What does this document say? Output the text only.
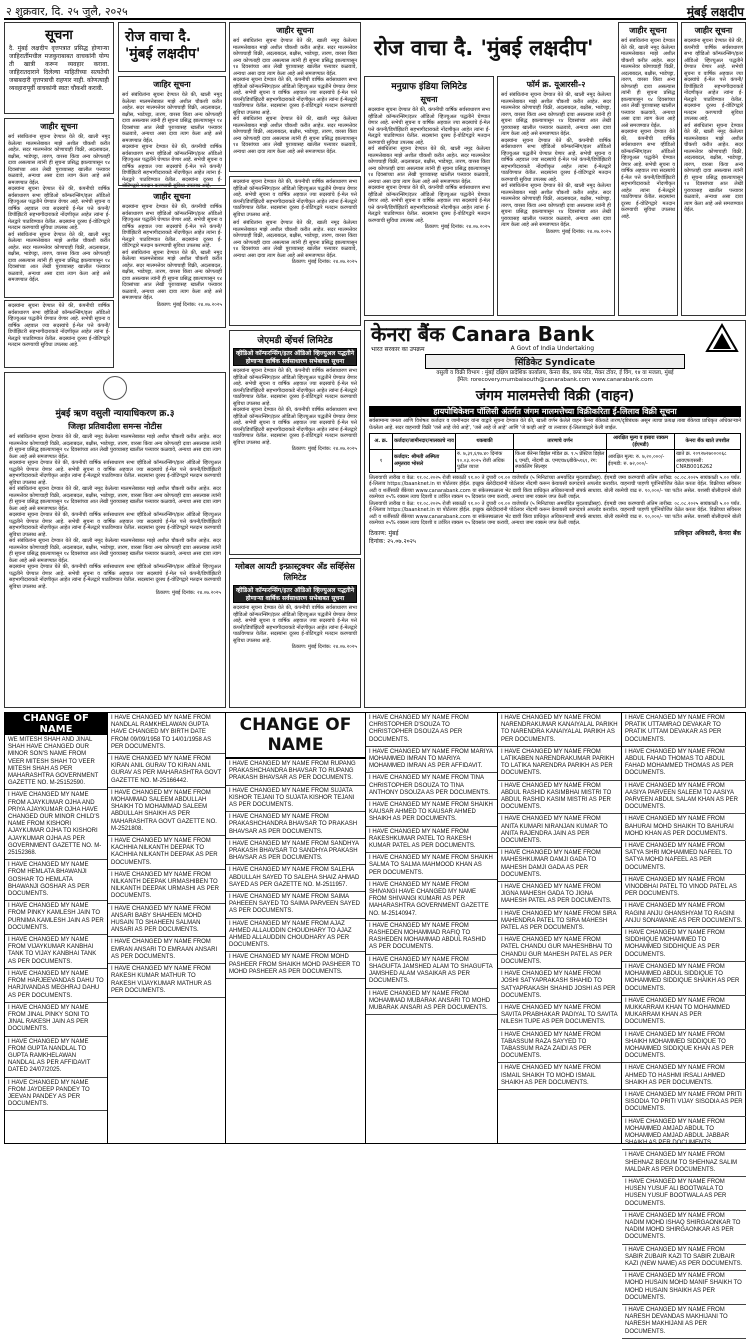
२ शुक्रवार, दि. २५ जुलै, २०२५	मुंबई लक्षदीप
सूचना
दै. मुंबई लक्षदीप वृत्तपत्रात प्रसिद्ध होणाऱ्या जाहिरातींमधील मजकुराबाबत वाचकांनी योग्य ती खात्री करून व्यवहार करावा. जाहिरातदाराने दिलेल्या माहितीच्या सत्यतेची जबाबदारी वृत्तपत्राची राहणार नाही. कोणत्याही व्यवहारापूर्वी वाचकांनी स्वतः चौकशी करावी.
जाहीर सूचना
सर्व संबंधितांना सूचना देण्यात येते की, खाली नमूद केलेल्या मालमत्तेबाबत माझे अशील चौकशी करीत आहेत. सदर मालमत्तेवर कोणाचाही विक्री, अदलाबदल, बक्षीस, भाडेपट्टा, तारण, वारसा किंवा अन्य कोणताही दावा असल्यास त्यांनी ही सूचना प्रसिद्ध झाल्यापासून १४ दिवसांच्या आत लेखी पुराव्यासह खालील पत्त्यावर कळवावे, अन्यथा असा दावा त्याग केला आहे असे समजण्यात येईल.
सदस्यांना सूचना देण्यात येते की, कंपनीची वार्षिक सर्वसाधारण सभा व्हीडिओ कॉन्फरन्सिंग/इतर ऑडिओ व्हिज्युअल पद्धतीने घेण्यात येणार आहे. सभेची सूचना व वार्षिक अहवाल ज्या सदस्यांचे ई-मेल पत्ते कंपनी/डिपॉझिटरी सहभागीदाराकडे नोंदणीकृत आहेत त्यांना ई-मेलद्वारे पाठविण्यात येतील. सदस्यांना दूरस्थ ई-वोटिंगद्वारे मतदान करण्याची सुविधा उपलब्ध आहे.
सर्व संबंधितांना सूचना देण्यात येते की, खाली नमूद केलेल्या मालमत्तेबाबत माझे अशील चौकशी करीत आहेत. सदर मालमत्तेवर कोणाचाही विक्री, अदलाबदल, बक्षीस, भाडेपट्टा, तारण, वारसा किंवा अन्य कोणताही दावा असल्यास त्यांनी ही सूचना प्रसिद्ध झाल्यापासून १४ दिवसांच्या आत लेखी पुराव्यासह खालील पत्त्यावर कळवावे, अन्यथा असा दावा त्याग केला आहे असे समजण्यात येईल.
सदस्यांना सूचना देण्यात येते की, कंपनीची वार्षिक सर्वसाधारण सभा व्हीडिओ कॉन्फरन्सिंग/इतर ऑडिओ व्हिज्युअल पद्धतीने घेण्यात येणार आहे. सभेची सूचना व वार्षिक अहवाल ज्या सदस्यांचे ई-मेल पत्ते कंपनी/डिपॉझिटरी सहभागीदाराकडे नोंदणीकृत आहेत त्यांना ई-मेलद्वारे पाठविण्यात येतील. सदस्यांना दूरस्थ ई-वोटिंगद्वारे मतदान करण्याची सुविधा उपलब्ध आहे.
रोज वाचा दै. 'मुंबई लक्षदीप'
जाहिर सूचना
सर्व संबंधितांना सूचना देण्यात येते की, खाली नमूद केलेल्या मालमत्तेबाबत माझे अशील चौकशी करीत आहेत. सदर मालमत्तेवर कोणाचाही विक्री, अदलाबदल, बक्षीस, भाडेपट्टा, तारण, वारसा किंवा अन्य कोणताही दावा असल्यास त्यांनी ही सूचना प्रसिद्ध झाल्यापासून १४ दिवसांच्या आत लेखी पुराव्यासह खालील पत्त्यावर कळवावे, अन्यथा असा दावा त्याग केला आहे असे समजण्यात येईल.
सदस्यांना सूचना देण्यात येते की, कंपनीची वार्षिक सर्वसाधारण सभा व्हीडिओ कॉन्फरन्सिंग/इतर ऑडिओ व्हिज्युअल पद्धतीने घेण्यात येणार आहे. सभेची सूचना व वार्षिक अहवाल ज्या सदस्यांचे ई-मेल पत्ते कंपनी/डिपॉझिटरी सहभागीदाराकडे नोंदणीकृत आहेत त्यांना ई-मेलद्वारे पाठविण्यात येतील. सदस्यांना दूरस्थ ई-वोटिंगद्वारे मतदान करण्याची सुविधा उपलब्ध आहे.
जाहीर सूचना
सदस्यांना सूचना देण्यात येते की, कंपनीची वार्षिक सर्वसाधारण सभा व्हीडिओ कॉन्फरन्सिंग/इतर ऑडिओ व्हिज्युअल पद्धतीने घेण्यात येणार आहे. सभेची सूचना व वार्षिक अहवाल ज्या सदस्यांचे ई-मेल पत्ते कंपनी/डिपॉझिटरी सहभागीदाराकडे नोंदणीकृत आहेत त्यांना ई-मेलद्वारे पाठविण्यात येतील. सदस्यांना दूरस्थ ई-वोटिंगद्वारे मतदान करण्याची सुविधा उपलब्ध आहे.
सर्व संबंधितांना सूचना देण्यात येते की, खाली नमूद केलेल्या मालमत्तेबाबत माझे अशील चौकशी करीत आहेत. सदर मालमत्तेवर कोणाचाही विक्री, अदलाबदल, बक्षीस, भाडेपट्टा, तारण, वारसा किंवा अन्य कोणताही दावा असल्यास त्यांनी ही सूचना प्रसिद्ध झाल्यापासून १४ दिवसांच्या आत लेखी पुराव्यासह खालील पत्त्यावर कळवावे, अन्यथा असा दावा त्याग केला आहे असे समजण्यात येईल.
ठिकाण: मुंबई दिनांक: २४.०७.२०२५
जाहीर सूचना
सर्व संबंधितांना सूचना देण्यात येते की, खाली नमूद केलेल्या मालमत्तेबाबत माझे अशील चौकशी करीत आहेत. सदर मालमत्तेवर कोणाचाही विक्री, अदलाबदल, बक्षीस, भाडेपट्टा, तारण, वारसा किंवा अन्य कोणताही दावा असल्यास त्यांनी ही सूचना प्रसिद्ध झाल्यापासून १४ दिवसांच्या आत लेखी पुराव्यासह खालील पत्त्यावर कळवावे, अन्यथा असा दावा त्याग केला आहे असे समजण्यात येईल.
सदस्यांना सूचना देण्यात येते की, कंपनीची वार्षिक सर्वसाधारण सभा व्हीडिओ कॉन्फरन्सिंग/इतर ऑडिओ व्हिज्युअल पद्धतीने घेण्यात येणार आहे. सभेची सूचना व वार्षिक अहवाल ज्या सदस्यांचे ई-मेल पत्ते कंपनी/डिपॉझिटरी सहभागीदाराकडे नोंदणीकृत आहेत त्यांना ई-मेलद्वारे पाठविण्यात येतील. सदस्यांना दूरस्थ ई-वोटिंगद्वारे मतदान करण्याची सुविधा उपलब्ध आहे.
सर्व संबंधितांना सूचना देण्यात येते की, खाली नमूद केलेल्या मालमत्तेबाबत माझे अशील चौकशी करीत आहेत. सदर मालमत्तेवर कोणाचाही विक्री, अदलाबदल, बक्षीस, भाडेपट्टा, तारण, वारसा किंवा अन्य कोणताही दावा असल्यास त्यांनी ही सूचना प्रसिद्ध झाल्यापासून १४ दिवसांच्या आत लेखी पुराव्यासह खालील पत्त्यावर कळवावे, अन्यथा असा दावा त्याग केला आहे असे समजण्यात येईल.
सदस्यांना सूचना देण्यात येते की, कंपनीची वार्षिक सर्वसाधारण सभा व्हीडिओ कॉन्फरन्सिंग/इतर ऑडिओ व्हिज्युअल पद्धतीने घेण्यात येणार आहे. सभेची सूचना व वार्षिक अहवाल ज्या सदस्यांचे ई-मेल पत्ते कंपनी/डिपॉझिटरी सहभागीदाराकडे नोंदणीकृत आहेत त्यांना ई-मेलद्वारे पाठविण्यात येतील. सदस्यांना दूरस्थ ई-वोटिंगद्वारे मतदान करण्याची सुविधा उपलब्ध आहे.
सर्व संबंधितांना सूचना देण्यात येते की, खाली नमूद केलेल्या मालमत्तेबाबत माझे अशील चौकशी करीत आहेत. सदर मालमत्तेवर कोणाचाही विक्री, अदलाबदल, बक्षीस, भाडेपट्टा, तारण, वारसा किंवा अन्य कोणताही दावा असल्यास त्यांनी ही सूचना प्रसिद्ध झाल्यापासून १४ दिवसांच्या आत लेखी पुराव्यासह खालील पत्त्यावर कळवावे, अन्यथा असा दावा त्याग केला आहे असे समजण्यात येईल.
ठिकाण: मुंबई दिनांक: २४.०७.२०२५
मनुग्राफ इंडिया लिमिटेड
सूचना
सदस्यांना सूचना देण्यात येते की, कंपनीची वार्षिक सर्वसाधारण सभा व्हीडिओ कॉन्फरन्सिंग/इतर ऑडिओ व्हिज्युअल पद्धतीने घेण्यात येणार आहे. सभेची सूचना व वार्षिक अहवाल ज्या सदस्यांचे ई-मेल पत्ते कंपनी/डिपॉझिटरी सहभागीदाराकडे नोंदणीकृत आहेत त्यांना ई-मेलद्वारे पाठविण्यात येतील. सदस्यांना दूरस्थ ई-वोटिंगद्वारे मतदान करण्याची सुविधा उपलब्ध आहे.
सर्व संबंधितांना सूचना देण्यात येते की, खाली नमूद केलेल्या मालमत्तेबाबत माझे अशील चौकशी करीत आहेत. सदर मालमत्तेवर कोणाचाही विक्री, अदलाबदल, बक्षीस, भाडेपट्टा, तारण, वारसा किंवा अन्य कोणताही दावा असल्यास त्यांनी ही सूचना प्रसिद्ध झाल्यापासून १४ दिवसांच्या आत लेखी पुराव्यासह खालील पत्त्यावर कळवावे, अन्यथा असा दावा त्याग केला आहे असे समजण्यात येईल.
सदस्यांना सूचना देण्यात येते की, कंपनीची वार्षिक सर्वसाधारण सभा व्हीडिओ कॉन्फरन्सिंग/इतर ऑडिओ व्हिज्युअल पद्धतीने घेण्यात येणार आहे. सभेची सूचना व वार्षिक अहवाल ज्या सदस्यांचे ई-मेल पत्ते कंपनी/डिपॉझिटरी सहभागीदाराकडे नोंदणीकृत आहेत त्यांना ई-मेलद्वारे पाठविण्यात येतील. सदस्यांना दूरस्थ ई-वोटिंगद्वारे मतदान करण्याची सुविधा उपलब्ध आहे.
ठिकाण: मुंबई दिनांक: २४.०७.२०२५
रोज वाचा दै. 'मुंबई लक्षदीप'
फॉर्म क्र. यूआरसी-२
सर्व संबंधितांना सूचना देण्यात येते की, खाली नमूद केलेल्या मालमत्तेबाबत माझे अशील चौकशी करीत आहेत. सदर मालमत्तेवर कोणाचाही विक्री, अदलाबदल, बक्षीस, भाडेपट्टा, तारण, वारसा किंवा अन्य कोणताही दावा असल्यास त्यांनी ही सूचना प्रसिद्ध झाल्यापासून १४ दिवसांच्या आत लेखी पुराव्यासह खालील पत्त्यावर कळवावे, अन्यथा असा दावा त्याग केला आहे असे समजण्यात येईल.
सदस्यांना सूचना देण्यात येते की, कंपनीची वार्षिक सर्वसाधारण सभा व्हीडिओ कॉन्फरन्सिंग/इतर ऑडिओ व्हिज्युअल पद्धतीने घेण्यात येणार आहे. सभेची सूचना व वार्षिक अहवाल ज्या सदस्यांचे ई-मेल पत्ते कंपनी/डिपॉझिटरी सहभागीदाराकडे नोंदणीकृत आहेत त्यांना ई-मेलद्वारे पाठविण्यात येतील. सदस्यांना दूरस्थ ई-वोटिंगद्वारे मतदान करण्याची सुविधा उपलब्ध आहे.
सर्व संबंधितांना सूचना देण्यात येते की, खाली नमूद केलेल्या मालमत्तेबाबत माझे अशील चौकशी करीत आहेत. सदर मालमत्तेवर कोणाचाही विक्री, अदलाबदल, बक्षीस, भाडेपट्टा, तारण, वारसा किंवा अन्य कोणताही दावा असल्यास त्यांनी ही सूचना प्रसिद्ध झाल्यापासून १४ दिवसांच्या आत लेखी पुराव्यासह खालील पत्त्यावर कळवावे, अन्यथा असा दावा त्याग केला आहे असे समजण्यात येईल.
ठिकाण: मुंबई दिनांक: २४.०७.२०२५
जाहीर सूचना
सर्व संबंधितांना सूचना देण्यात येते की, खाली नमूद केलेल्या मालमत्तेबाबत माझे अशील चौकशी करीत आहेत. सदर मालमत्तेवर कोणाचाही विक्री, अदलाबदल, बक्षीस, भाडेपट्टा, तारण, वारसा किंवा अन्य कोणताही दावा असल्यास त्यांनी ही सूचना प्रसिद्ध झाल्यापासून १४ दिवसांच्या आत लेखी पुराव्यासह खालील पत्त्यावर कळवावे, अन्यथा असा दावा त्याग केला आहे असे समजण्यात येईल.
सदस्यांना सूचना देण्यात येते की, कंपनीची वार्षिक सर्वसाधारण सभा व्हीडिओ कॉन्फरन्सिंग/इतर ऑडिओ व्हिज्युअल पद्धतीने घेण्यात येणार आहे. सभेची सूचना व वार्षिक अहवाल ज्या सदस्यांचे ई-मेल पत्ते कंपनी/डिपॉझिटरी सहभागीदाराकडे नोंदणीकृत आहेत त्यांना ई-मेलद्वारे पाठविण्यात येतील. सदस्यांना दूरस्थ ई-वोटिंगद्वारे मतदान करण्याची सुविधा उपलब्ध आहे.
जाहीर सूचना
सदस्यांना सूचना देण्यात येते की, कंपनीची वार्षिक सर्वसाधारण सभा व्हीडिओ कॉन्फरन्सिंग/इतर ऑडिओ व्हिज्युअल पद्धतीने घेण्यात येणार आहे. सभेची सूचना व वार्षिक अहवाल ज्या सदस्यांचे ई-मेल पत्ते कंपनी/डिपॉझिटरी सहभागीदाराकडे नोंदणीकृत आहेत त्यांना ई-मेलद्वारे पाठविण्यात येतील. सदस्यांना दूरस्थ ई-वोटिंगद्वारे मतदान करण्याची सुविधा उपलब्ध आहे.
सर्व संबंधितांना सूचना देण्यात येते की, खाली नमूद केलेल्या मालमत्तेबाबत माझे अशील चौकशी करीत आहेत. सदर मालमत्तेवर कोणाचाही विक्री, अदलाबदल, बक्षीस, भाडेपट्टा, तारण, वारसा किंवा अन्य कोणताही दावा असल्यास त्यांनी ही सूचना प्रसिद्ध झाल्यापासून १४ दिवसांच्या आत लेखी पुराव्यासह खालील पत्त्यावर कळवावे, अन्यथा असा दावा त्याग केला आहे असे समजण्यात येईल.
जेएमडी व्हेंचर्स लिमिटेड
व्हीडिओ कॉन्फरन्सिंग/इतर ऑडिओ व्हिज्युअल पद्धतीने होणाऱ्या वार्षिक सर्वसाधारण सभेबाबत सूचना
सदस्यांना सूचना देण्यात येते की, कंपनीची वार्षिक सर्वसाधारण सभा व्हीडिओ कॉन्फरन्सिंग/इतर ऑडिओ व्हिज्युअल पद्धतीने घेण्यात येणार आहे. सभेची सूचना व वार्षिक अहवाल ज्या सदस्यांचे ई-मेल पत्ते कंपनी/डिपॉझिटरी सहभागीदाराकडे नोंदणीकृत आहेत त्यांना ई-मेलद्वारे पाठविण्यात येतील. सदस्यांना दूरस्थ ई-वोटिंगद्वारे मतदान करण्याची सुविधा उपलब्ध आहे.
सदस्यांना सूचना देण्यात येते की, कंपनीची वार्षिक सर्वसाधारण सभा व्हीडिओ कॉन्फरन्सिंग/इतर ऑडिओ व्हिज्युअल पद्धतीने घेण्यात येणार आहे. सभेची सूचना व वार्षिक अहवाल ज्या सदस्यांचे ई-मेल पत्ते कंपनी/डिपॉझिटरी सहभागीदाराकडे नोंदणीकृत आहेत त्यांना ई-मेलद्वारे पाठविण्यात येतील. सदस्यांना दूरस्थ ई-वोटिंगद्वारे मतदान करण्याची सुविधा उपलब्ध आहे.
ठिकाण: मुंबई दिनांक: २४.०७.२०२५
ग्लोबल आयटी इन्फ्रास्ट्रक्चर अँड सर्व्हिसेस लिमिटेड
व्हीडिओ कॉन्फरन्सिंग/इतर ऑडिओ व्हिज्युअल पद्धतीने होणाऱ्या वार्षिक सर्वसाधारण सभेबाबत सूचना
सदस्यांना सूचना देण्यात येते की, कंपनीची वार्षिक सर्वसाधारण सभा व्हीडिओ कॉन्फरन्सिंग/इतर ऑडिओ व्हिज्युअल पद्धतीने घेण्यात येणार आहे. सभेची सूचना व वार्षिक अहवाल ज्या सदस्यांचे ई-मेल पत्ते कंपनी/डिपॉझिटरी सहभागीदाराकडे नोंदणीकृत आहेत त्यांना ई-मेलद्वारे पाठविण्यात येतील. सदस्यांना दूरस्थ ई-वोटिंगद्वारे मतदान करण्याची सुविधा उपलब्ध आहे.
ठिकाण: मुंबई दिनांक: २४.०७.२०२५
मुंबई ऋण वसुली न्यायाधिकरण क्र.३
जिल्हा प्रतिवादीला समन्स नोटीस
सर्व संबंधितांना सूचना देण्यात येते की, खाली नमूद केलेल्या मालमत्तेबाबत माझे अशील चौकशी करीत आहेत. सदर मालमत्तेवर कोणाचाही विक्री, अदलाबदल, बक्षीस, भाडेपट्टा, तारण, वारसा किंवा अन्य कोणताही दावा असल्यास त्यांनी ही सूचना प्रसिद्ध झाल्यापासून १४ दिवसांच्या आत लेखी पुराव्यासह खालील पत्त्यावर कळवावे, अन्यथा असा दावा त्याग केला आहे असे समजण्यात येईल.
सदस्यांना सूचना देण्यात येते की, कंपनीची वार्षिक सर्वसाधारण सभा व्हीडिओ कॉन्फरन्सिंग/इतर ऑडिओ व्हिज्युअल पद्धतीने घेण्यात येणार आहे. सभेची सूचना व वार्षिक अहवाल ज्या सदस्यांचे ई-मेल पत्ते कंपनी/डिपॉझिटरी सहभागीदाराकडे नोंदणीकृत आहेत त्यांना ई-मेलद्वारे पाठविण्यात येतील. सदस्यांना दूरस्थ ई-वोटिंगद्वारे मतदान करण्याची सुविधा उपलब्ध आहे.
सर्व संबंधितांना सूचना देण्यात येते की, खाली नमूद केलेल्या मालमत्तेबाबत माझे अशील चौकशी करीत आहेत. सदर मालमत्तेवर कोणाचाही विक्री, अदलाबदल, बक्षीस, भाडेपट्टा, तारण, वारसा किंवा अन्य कोणताही दावा असल्यास त्यांनी ही सूचना प्रसिद्ध झाल्यापासून १४ दिवसांच्या आत लेखी पुराव्यासह खालील पत्त्यावर कळवावे, अन्यथा असा दावा त्याग केला आहे असे समजण्यात येईल.
सदस्यांना सूचना देण्यात येते की, कंपनीची वार्षिक सर्वसाधारण सभा व्हीडिओ कॉन्फरन्सिंग/इतर ऑडिओ व्हिज्युअल पद्धतीने घेण्यात येणार आहे. सभेची सूचना व वार्षिक अहवाल ज्या सदस्यांचे ई-मेल पत्ते कंपनी/डिपॉझिटरी सहभागीदाराकडे नोंदणीकृत आहेत त्यांना ई-मेलद्वारे पाठविण्यात येतील. सदस्यांना दूरस्थ ई-वोटिंगद्वारे मतदान करण्याची सुविधा उपलब्ध आहे.
सर्व संबंधितांना सूचना देण्यात येते की, खाली नमूद केलेल्या मालमत्तेबाबत माझे अशील चौकशी करीत आहेत. सदर मालमत्तेवर कोणाचाही विक्री, अदलाबदल, बक्षीस, भाडेपट्टा, तारण, वारसा किंवा अन्य कोणताही दावा असल्यास त्यांनी ही सूचना प्रसिद्ध झाल्यापासून १४ दिवसांच्या आत लेखी पुराव्यासह खालील पत्त्यावर कळवावे, अन्यथा असा दावा त्याग केला आहे असे समजण्यात येईल.
सदस्यांना सूचना देण्यात येते की, कंपनीची वार्षिक सर्वसाधारण सभा व्हीडिओ कॉन्फरन्सिंग/इतर ऑडिओ व्हिज्युअल पद्धतीने घेण्यात येणार आहे. सभेची सूचना व वार्षिक अहवाल ज्या सदस्यांचे ई-मेल पत्ते कंपनी/डिपॉझिटरी सहभागीदाराकडे नोंदणीकृत आहेत त्यांना ई-मेलद्वारे पाठविण्यात येतील. सदस्यांना दूरस्थ ई-वोटिंगद्वारे मतदान करण्याची सुविधा उपलब्ध आहे.
ठिकाण: मुंबई दिनांक: २४.०७.२०२५
केनरा बैंक Canara Bank
भारत सरकार का उपक्रम	A Govt of India Undertaking
सिंडिकेट Syndicate
वसुली व विक्री विभाग : मुंबई दक्षिण प्रादेशिक कार्यालय, केनरा बँक, कफ परेड, मेकर टॉवर, ई विंग, १४ वा मजला, मुंबई
ईमेल: rorecovery.mumbaisouth@canarabank.com www.canarabank.com
जंगम मालमत्तेची विक्री (वाहन)
हायपोथिकेशन पॉलिसी अंतर्गत जंगम मालमत्तेच्या विक्रीकरिता ई-लिलाव विक्री सूचना
सर्वसामान्य जनता आणि विशेषतः कर्जदार व जामीनदार यांना याद्वारे सूचना देण्यात येते की, खाली वर्णन केलेले वाहन केनरा बँकेकडे तारण/दृष्टिबंधक असून त्याचा प्रत्यक्ष ताबा बँकेच्या प्राधिकृत अधिकाऱ्याने घेतलेला आहे. सदर वाहनाची विक्री 'जसे आहे जेथे आहे', 'जसे आहे जे आहे' आणि 'जे काही आहे' या तत्त्वावर ई-लिलावाद्वारे केली जाईल.
अ. क्र.	कर्जदार/जामीनदार/मालकाचे नाव	थकबाकी	तारणाचे वर्णन	आरक्षित मूल्य व इसारा रक्कम (ईएमडी)	केनरा बँक खाते तपशील
१	कर्जदार: श्रीमती अस्मिता अमृतराव भोसले	रु. ७,३१,६९७.४० दिनांक १०.०३.२०२५ रोजी अधिक पुढील व्याज	किआ कॅरेन्स डिझेल मॉडेल क्र. १.५ प्रेस्टिज डिझेल ६ एमटी, नोंदणी क्र. एमएच४६बीके५१६१, रंग: स्पार्कलिंग सिल्व्हर	आरक्षित मूल्य: रु. ७,२०,०००/- ईएमडी: रु. ७२,०००/-	खाते क्र. २०९२७२७००००६८ आयएफएससी: CNRB0016262
लिलावाची तारीख व वेळ: ११.०८.२०२५ रोजी सकाळी ११.०० ते दुपारी ०१.०० वाजेपर्यंत (५ मिनिटांच्या अमर्यादित मुदतवाढीसह). ईएमडी जमा करण्याची अंतिम तारीख: ०८.०८.२०२५ सायंकाळी ५.०० पर्यंत. ई-लिलाव https://baanknet.in या पोर्टलवर होईल. इच्छुक खरेदीदारांनी पोर्टलवर नोंदणी करून केवायसी कागदपत्रे अपलोड करावीत. वाहनाची पाहणी पूर्वनियोजित वेळेत करता येईल. विक्रीच्या सविस्तर अटी व शर्तींसाठी बँकेच्या www.canarabank.com या संकेतस्थळाला भेट द्यावी किंवा प्राधिकृत अधिकाऱ्याशी संपर्क साधावा. बोली रकमेची वाढ रु. १०,०००/- च्या पटीत असेल. यशस्वी बोलीदाराने बोली रकमेच्या २५% रक्कम त्याच दिवशी व उर्वरित रक्कम १५ दिवसांत जमा करावी, अन्यथा जमा रक्कम जप्त केली जाईल.
लिलावाची तारीख व वेळ: ११.०८.२०२५ रोजी सकाळी ११.०० ते दुपारी ०१.०० वाजेपर्यंत (५ मिनिटांच्या अमर्यादित मुदतवाढीसह). ईएमडी जमा करण्याची अंतिम तारीख: ०८.०८.२०२५ सायंकाळी ५.०० पर्यंत. ई-लिलाव https://baanknet.in या पोर्टलवर होईल. इच्छुक खरेदीदारांनी पोर्टलवर नोंदणी करून केवायसी कागदपत्रे अपलोड करावीत. वाहनाची पाहणी पूर्वनियोजित वेळेत करता येईल. विक्रीच्या सविस्तर अटी व शर्तींसाठी बँकेच्या www.canarabank.com या संकेतस्थळाला भेट द्यावी किंवा प्राधिकृत अधिकाऱ्याशी संपर्क साधावा. बोली रकमेची वाढ रु. १०,०००/- च्या पटीत असेल. यशस्वी बोलीदाराने बोली रकमेच्या २५% रक्कम त्याच दिवशी व उर्वरित रक्कम १५ दिवसांत जमा करावी, अन्यथा जमा रक्कम जप्त केली जाईल.
ठिकाण: मुंबई
दिनांक: २५.०७.२०२५
प्राधिकृत अधिकारी, केनरा बँक
CHANGE OF NAME
WE MITESH SHAH AND JINAL SHAH HAVE CHANGED OUR MINOR SON'S NAME FROM VEER MITESH SHAH TO VEER MITESH SHAH AS PER MAHARASHTRA GOVERNMENT GAZETTE NO. M-25152590.
I HAVE CHANGED MY NAME FROM AJAYKUMAR OJHA AND PRIYA AJAYKUMAR OJHA HAVE CHANGED OUR MINOR CHILD'S NAME FROM KISHORI AJAYKUMAR OJHA TO KISHORI AJAYKUMAR OJHA AS PER GOVERNMENT GAZETTE NO. M-25152368.
I HAVE CHANGED MY NAME FROM HEMLATA BHAWANJI GOSHAR TO HEMLATA BHAWANJI GOSHAR AS PER DOCUMENTS.
I HAVE CHANGED MY NAME FROM PINKY KAMLESH JAIN TO PURNIMA KAMLESH JAIN AS PER DOCUMENTS.
I HAVE CHANGED MY NAME FROM VIJAYKUMAR KANBHAI TANK TO VIJAY KANBHAI TANK AS PER DOCUMENTS.
I HAVE CHANGED MY NAME FROM HARJEEVANDAS DAHU TO HARJIVANDAS MEGHRAJ DAHU AS PER DOCUMENTS.
I HAVE CHANGED MY NAME FROM JINAL PINKY SONI TO JINAL RAKESH JAIN AS PER DOCUMENTS.
I HAVE CHANGED MY NAME FROM GUPTA NANDLAL TO GUPTA RAMKHELAWAN NANDLAL AS PER AFFIDAVIT DATED 24/07/2025.
I HAVE CHANGED MY NAME FROM JAYDEEP PANDEY TO JEEVAN PANDEY AS PER DOCUMENTS.
I HAVE CHANGED MY NAME FROM NANDLAL RAMKHELAWAN GUPTA HAVE CHANGED MY BIRTH DATE FROM 09/09/1958 TO 14/01/1958 AS PER DOCUMENTS.
I HAVE CHANGED MY NAME FROM KIRAN ANIL GURAV TO KIRAN ANIL GURAV AS PER MAHARASHTRA GOVT GAZETTE NO. M-25166442.
I HAVE CHANGED MY NAME FROM MOHAMMAD SALEEM ABDULLAH SHAIKH TO MOHAMMAD SALEEM ABDULLAH SHAIKH AS PER MAHARASHTRA GOVT GAZETTE NO. M-2521808.
I HAVE CHANGED MY NAME FROM KACHHIA NILKANTH DEEPAK TO KACHHIA NILKANTH DEEPAK AS PER DOCUMENTS.
I HAVE CHANGED MY NAME FROM NILKANTH DEEPAK URMASHIBEN TO NILKANTH DEEPAK URMASHI AS PER DOCUMENTS.
I HAVE CHANGED MY NAME FROM ANSARI BABY SHAHEEN MOHD HUSAIN TO SHAHEEN SALMAN ANSARI AS PER DOCUMENTS.
I HAVE CHANGED MY NAME FROM EMRAN ANSARI TO EMRAAN ANSARI AS PER DOCUMENTS.
I HAVE CHANGED MY NAME FROM RAKESH KUMAR MATHUR TO RAKESH VIJAYKUMAR MATHUR AS PER DOCUMENTS.
CHANGE OF NAME
I HAVE CHANGED MY NAME FROM RUPANG PRAKASHCHANDRA BHAVSAR TO RUPANG PRAKASH BHAVSAR AS PER DOCUMENTS.
I HAVE CHANGED MY NAME FROM SUJATA KISHOR TEJANI TO SUJATA KISHOR TEJANI AS PER DOCUMENTS.
I HAVE CHANGED MY NAME FROM PRAKASHCHANDRA BHAVSAR TO PRAKASH BHAVSAR AS PER DOCUMENTS.
I HAVE CHANGED MY NAME FROM SANDHYA PRAKASH BHAVSAR TO SANDHYA PRAKASH BHAVSAR AS PER DOCUMENTS.
I HAVE CHANGED MY NAME FROM SALEHA ABDULLAH SAYED TO SALEHA SHAIZ AHMAD SAYED AS PER GAZETTE NO. M-2511957.
I HAVE CHANGED MY NAME FROM SAIMA PAHEEEN SAYED TO SAIMA PARVEEN SAYED AS PER DOCUMENTS.
I HAVE CHANGED MY NAME FROM AJAZ AHMED ALLAUDDIN CHOUDHARY TO AJAZ AHMED ALLAUDDIN CHOUDHARY AS PER DOCUMENTS.
I HAVE CHANGED MY NAME FROM MOHD PASHEER FROM SHAIKH MOHD PASHEER TO MOHD PASHEER AS PER DOCUMENTS.
I HAVE CHANGED MY NAME FROM CHRISTOPHER D'SOUZA TO CHRISTOPHER DSOUZA AS PER DOCUMENTS.
I HAVE CHANGED MY NAME FROM MARIYA MOHAMMED IMRAN TO MARIYA MOHAMMED IMRAN AS PER AFFIDAVIT.
I HAVE CHANGED MY NAME FROM TINA CHRISTOPHER DSOUZA TO TINA ANTHONY DSOUZA AS PER DOCUMENTS.
I HAVE CHANGED MY NAME FROM SHAIKH KAUSAR AHMED TO KAUSAR AHMED SHAIKH AS PER DOCUMENTS.
I HAVE CHANGED MY NAME FROM RAKESHKUMAR PATEL TO RAKESH KUMAR PATEL AS PER DOCUMENTS.
I HAVE CHANGED MY NAME FROM SHAIKH SALMA TO SALMA MAHMOOD KHAN AS PER DOCUMENTS.
I HAVE CHANGED MY NAME FROM SHIVANGI HAVE CHANGED MY NAME FROM SHIVANGI KUMARI AS PER MAHARASHTRA GOVERNMENT GAZETTE NO. M-25140947.
I HAVE CHANGED MY NAME FROM RASHEDEN MOHAMMAD RAFIQ TO RASHEDEN MOHAMMAD ABDUL RASHID AS PER DOCUMENTS.
I HAVE CHANGED MY NAME FROM SHAGUFTA JAMSHED ALAM TO SHAGUFTA JAMSHED ALAM VASAIKAR AS PER DOCUMENTS.
I HAVE CHANGED MY NAME FROM MOHAMMAD MUBARAK ANSARI TO MOHD MUBARAK ANSARI AS PER DOCUMENTS.
I HAVE CHANGED MY NAME FROM NARENDRAKUMAR KANAIYALAL PARIKH TO NARENDRA KANAIYALAL PARIKH AS PER DOCUMENTS.
I HAVE CHANGED MY NAME FROM LATIKABEN NARENDRAKUMAR PARIKH TO LATIKA NARENDRA PARIKH AS PER DOCUMENTS.
I HAVE CHANGED MY NAME FROM ABDUL RASHID KASIMBHAI MISTRI TO ABDUL RASHID KASIM MISTRI AS PER DOCUMENTS.
I HAVE CHANGED MY NAME FROM ANITA KUMARI NIRANJAN KUMAR TO ANITA RAJENDRA JAIN AS PER DOCUMENTS.
I HAVE CHANGED MY NAME FROM MAHESHKUMAR DAMJI GADA TO MAHESH DAMJI GADA AS PER DOCUMENTS.
I HAVE CHANGED MY NAME FROM JIGNA MAHESH GADA TO JIGNA MAHESH PATEL AS PER DOCUMENTS.
I HAVE CHANGED MY NAME FROM SIRA MAHENDRA PATEL TO SIRA MAHESH PATEL AS PER DOCUMENTS.
I HAVE CHANGED MY NAME FROM PATEL CHANDU GUR MAHESHBHAI TO CHANDU GUR MAHESH PATEL AS PER DOCUMENTS.
I HAVE CHANGED MY NAME FROM JOSHI SATYAPRAKASH SHAHID TO SATYAPRAKASH SHAHID JOSHI AS PER DOCUMENTS.
I HAVE CHANGED MY NAME FROM SAVITA PRABHAKAR PADIYAL TO SAVITA NILESH TUPE AS PER DOCUMENTS.
I HAVE CHANGED MY NAME FROM TABASSUM RAZA SAYYED TO TABASSUM RAZA ZAIDI AS PER DOCUMENTS.
I HAVE CHANGED MY NAME FROM ISMAIL SHAIKH TO MOHD ISMAIL SHAIKH AS PER DOCUMENTS.
I HAVE CHANGED MY NAME FROM PRATIK UTTAMRAO DEVAKAR TO PRATIK UTTAM DEVAKAR AS PER DOCUMENTS.
I HAVE CHANGED MY NAME FROM ABDUL FAHAD THOMAS TO ABDUL FAHAD MOHAMMED THOMAS AS PER DOCUMENTS.
I HAVE CHANGED MY NAME FROM AASIYA PARVEEN SALEEM TO AASIYA PARVEEN ABDUL SALAM KHAN AS PER DOCUMENTS.
I HAVE CHANGED MY NAME FROM BAHURAI MOHD SHAIKH TO BAHURAI MOHD KHAN AS PER DOCUMENTS.
I HAVE CHANGED MY NAME FROM SATYA SHRI MOHAMMED NAFEEL TO SATYA MOHD NAFEEL AS PER DOCUMENTS.
I HAVE CHANGED MY NAME FROM VINODBHAI PATEL TO VINOD PATEL AS PER DOCUMENTS.
I HAVE CHANGED MY NAME FROM RAGINI ANJU GHANSHYAM TO RAGINI ANJU SONAWANE AS PER DOCUMENTS.
I HAVE CHANGED MY NAME FROM SIDDHIQUE MOHAMMED TO MOHAMMED SIDDHIQUE AS PER DOCUMENTS.
I HAVE CHANGED MY NAME FROM MOHAMMED ABDUL SIDDIQUE TO MOHAMMED SIDDIQUE SHAIKH AS PER DOCUMENTS.
I HAVE CHANGED MY NAME FROM MUKKARRAM KHAN TO MOHAMMED MUKARRAM KHAN AS PER DOCUMENTS.
I HAVE CHANGED MY NAME FROM SHAIKH MOHAMMED SIDDIQUE TO MOHAMMED SIDDIQUE KHAN AS PER DOCUMENTS.
I HAVE CHANGED MY NAME FROM AHMED TO HASHMI IRSALI AHMED SHAIKH AS PER DOCUMENTS.
I HAVE CHANGED MY NAME FROM PRITI SISODIA TO PRITI VIJAY SISODIA AS PER DOCUMENTS.
I HAVE CHANGED MY NAME FROM MOHAMMED AMJAD ABDUL TO MOHAMMED AMJAD ABDUL JABBAR SHAIKH AS PER DOCUMENTS.
I HAVE CHANGED MY NAME FROM SHEHNAZ BEGUM TO SHEHNAZ SALIM MALDAR AS PER DOCUMENTS.
I HAVE CHANGED MY NAME FROM HUSEN YUSUF ALI BOOTWALA TO HUSEN YUSUF BOOTWALA AS PER DOCUMENTS.
I HAVE CHANGED MY NAME FROM NADIM MOHD ISHAQ SHIRGAONKAR TO NADIM MOHD SHIRGAONKAR AS PER DOCUMENTS.
I HAVE CHANGED MY NAME FROM SABIR ZUBAIR KAZI TO SABIR ZUBAIR KAZI (NEW NAME) AS PER DOCUMENTS.
I HAVE CHANGED MY NAME FROM MOHD HUSAIN MOHD MANIF SHAIKH TO MOHD HUSAIN SHAIKH AS PER DOCUMENTS.
I HAVE CHANGED MY NAME FROM NARESH DEVANDAS MAKHIJANI TO NARESH MAKHIJANI AS PER DOCUMENTS.
